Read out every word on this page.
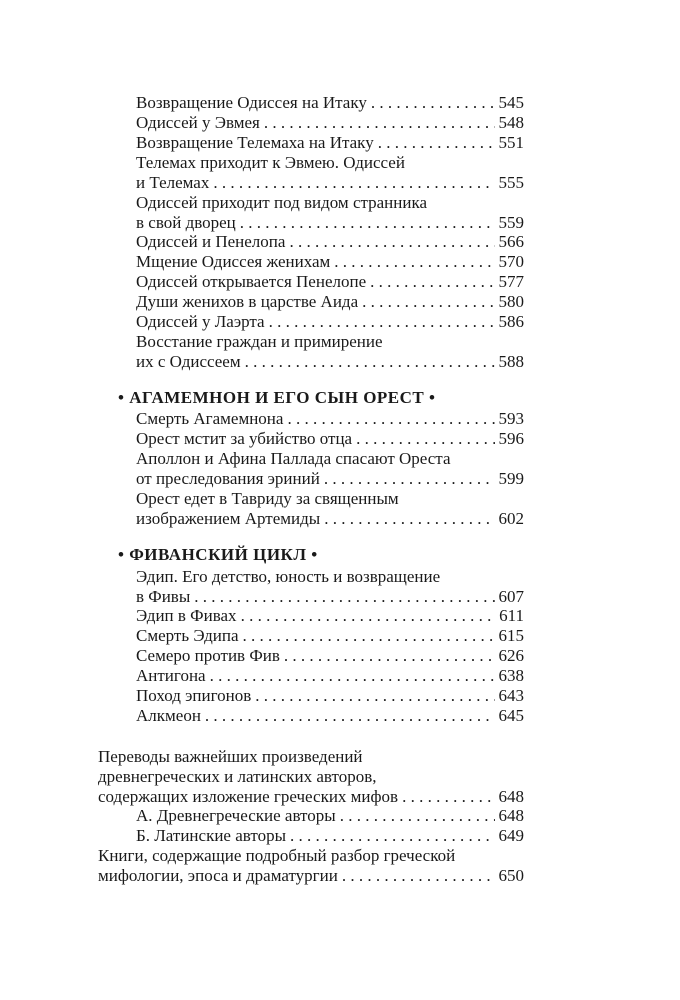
Возвращение Одиссея на Итаку . . .	545
Одиссей у Эвмея . . .	548
Возвращение Телемаха на Итаку . . .	551
Телемах приходит к Эвмею. Одиссей
и Телемах . . .	555
Одиссей приходит под видом странника
в свой дворец . . .	559
Одиссей и Пенелопа . . .	566
Мщение Одиссея женихам . . .	570
Одиссей открывается Пенелопе . . .	577
Души женихов в царстве Аида . . .	580
Одиссей у Лаэрта . . .	586
Восстание граждан и примирение
их с Одиссеем . . .	588
• АГАМЕМНОН И ЕГО СЫН ОРЕСТ •
Смерть Агамемнона . . .	593
Орест мстит за убийство отца . . .	596
Аполлон и Афина Паллада спасают Ореста
от преследования эриний . . .	599
Орест едет в Тавриду за священным
изображением Артемиды . . .	602
• ФИВАНСКИЙ ЦИКЛ •
Эдип. Его детство, юность и возвращение
в Фивы . . .	607
Эдип в Фивах . . .	611
Смерть Эдипа . . .	615
Семеро против Фив . . .	626
Антигона . . .	638
Поход эпигонов . . .	643
Алкмеон . . .	645
Переводы важнейших произведений
древнегреческих и латинских авторов,
содержащих изложение греческих мифов . . .	648
А. Древнегреческие авторы . . .	648
Б. Латинские авторы . . .	649
Книги, содержащие подробный разбор греческой
мифологии, эпоса и драматургии . . .	650
